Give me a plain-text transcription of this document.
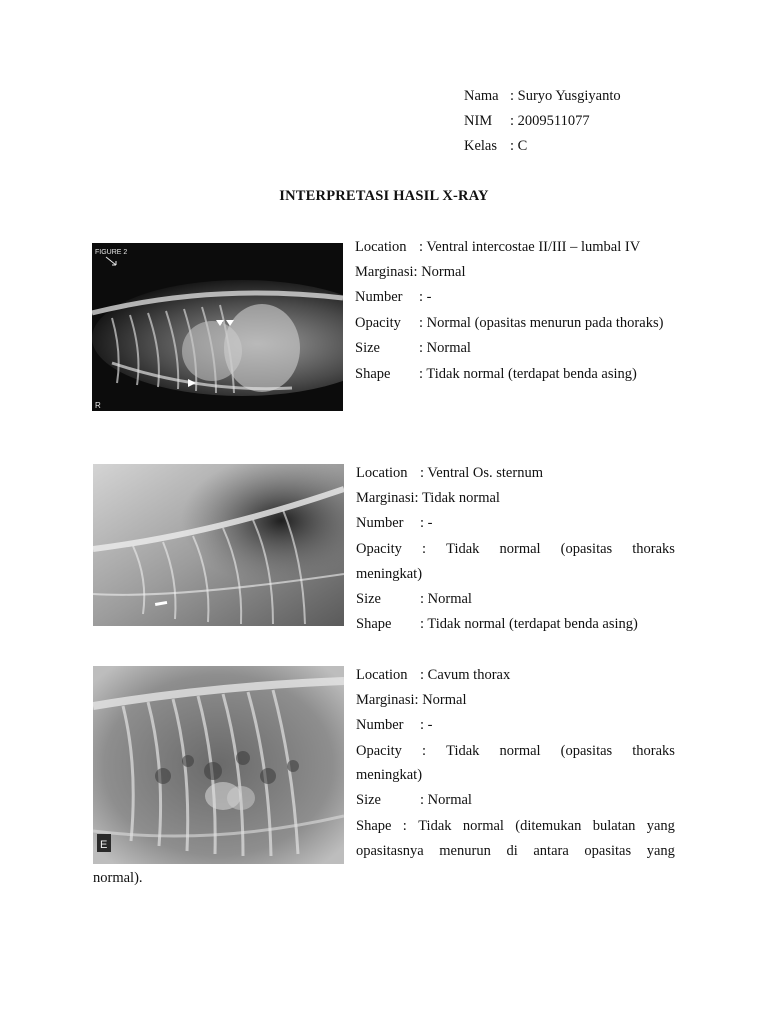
Nama : Suryo Yusgiyanto
NIM : 2009511077
Kelas : C
INTERPRETASI HASIL X-RAY
FIGURE 2
R
Location : Ventral intercostae II/III – lumbal IV
Marginasi: Normal
Number : -
Opacity : Normal (opasitas menurun pada thoraks)
Size	: Normal
Shape : Tidak normal (terdapat benda asing)
Location : Ventral Os. sternum
Marginasi: Tidak normal
Number : -
Opacity : Tidak normal (opasitas thoraks
meningkat)
Size	: Normal
Shape : Tidak normal (terdapat benda asing)
E
Location : Cavum thorax
Marginasi: Normal
Number : -
Opacity : Tidak normal (opasitas thoraks
meningkat)
Size	: Normal
Shape : Tidak normal (ditemukan bulatan yang
opasitasnya menurun di antara opasitas yang
normal).
